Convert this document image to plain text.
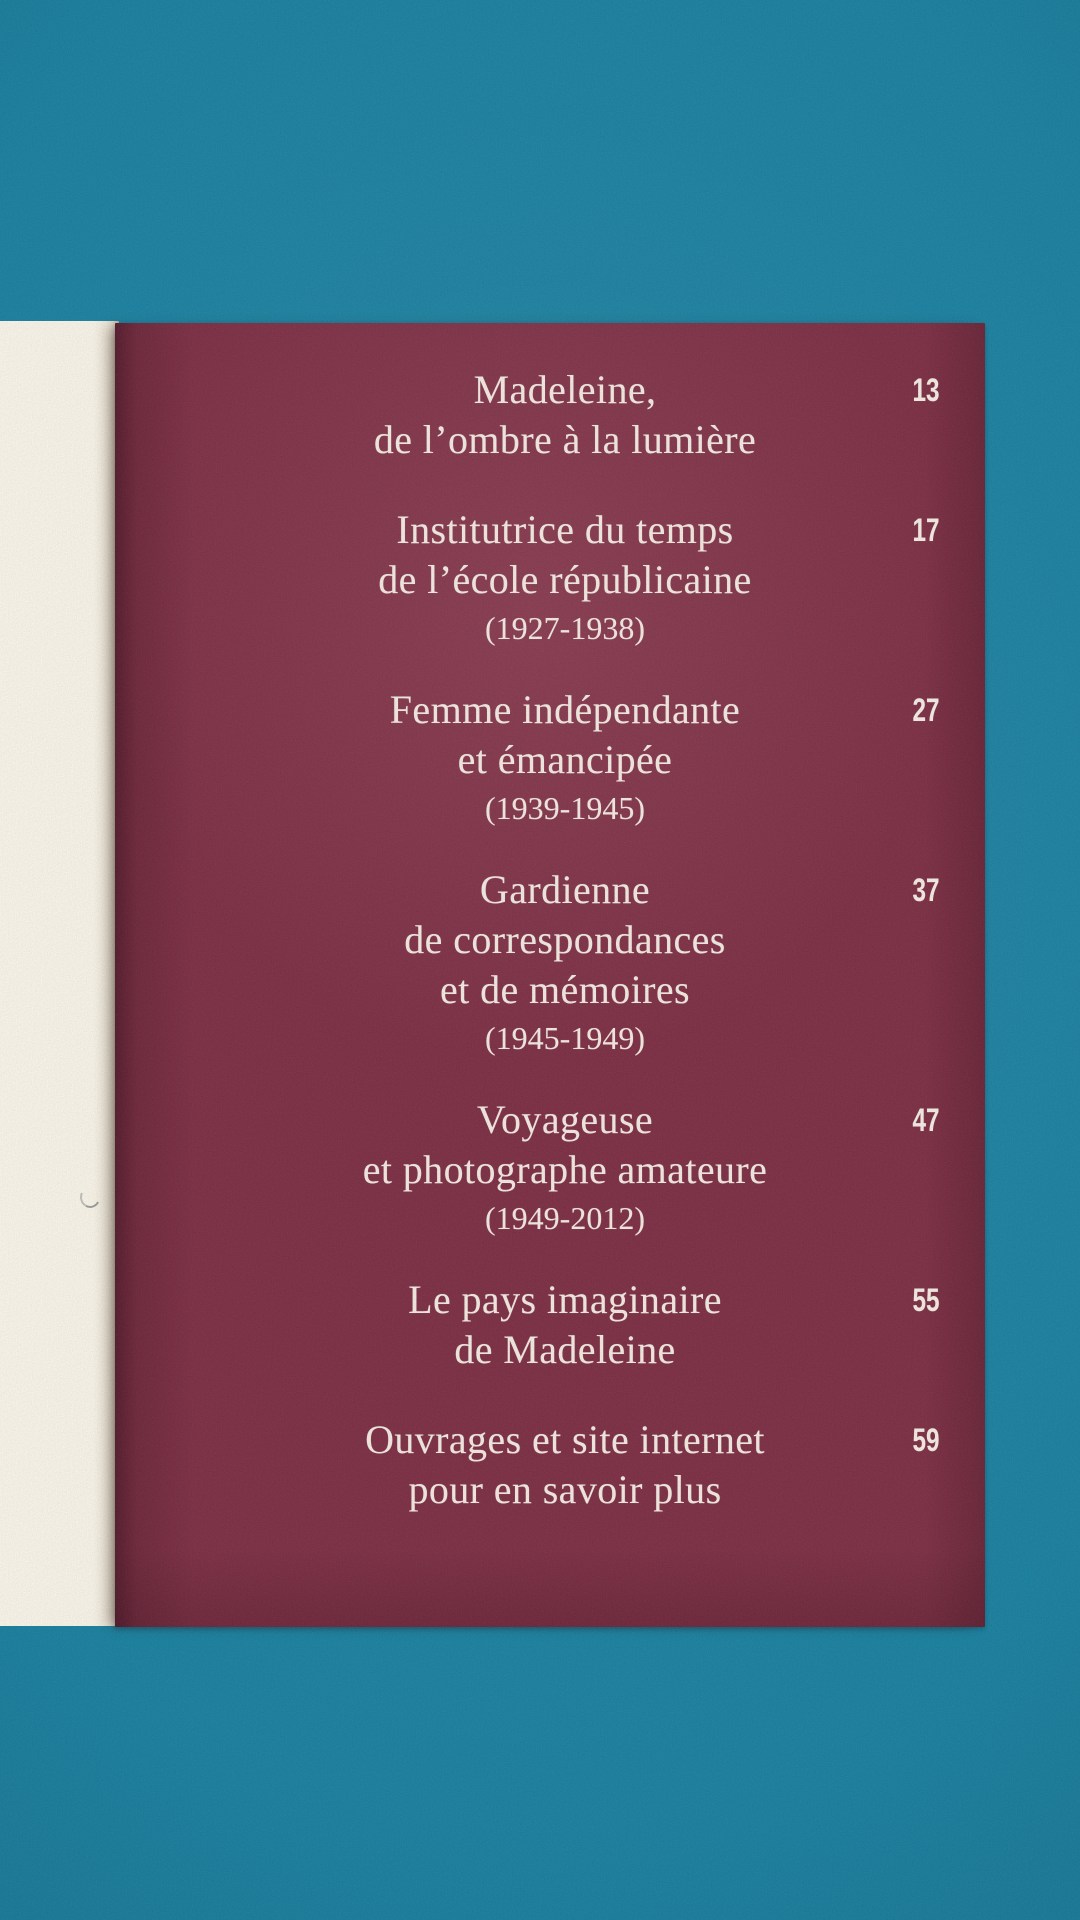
Madeleine,
de l’ombre à la lumière
13
Institutrice du temps
de l’école républicaine
(1927-1938)
17
Femme indépendante
et émancipée
(1939-1945)
27
Gardienne
de correspondances
et de mémoires
(1945-1949)
37
Voyageuse
et photographe amateure
(1949-2012)
47
Le pays imaginaire
de Madeleine
55
Ouvrages et site internet
pour en savoir plus
59
